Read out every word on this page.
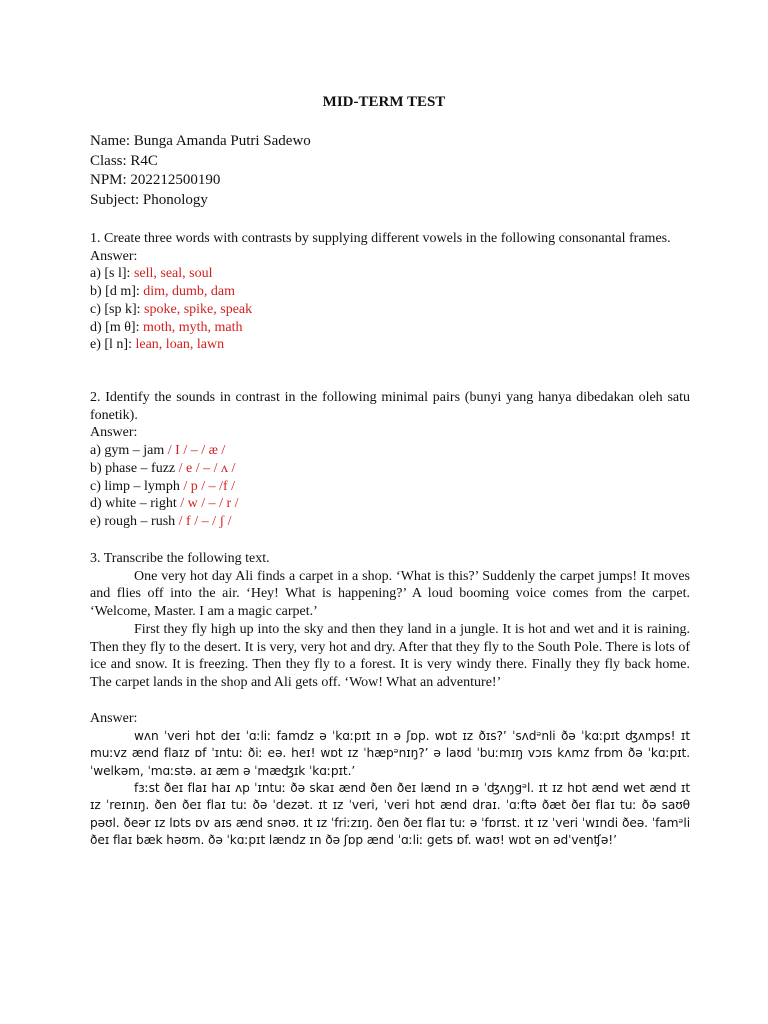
MID-TERM TEST
Name: Bunga Amanda Putri Sadewo
Class: R4C
NPM: 202212500190
Subject: Phonology
1. Create three words with contrasts by supplying different vowels in the following consonantal frames.
Answer:
a) [s l]: sell, seal, soul
b) [d m]: dim, dumb, dam
c) [sp k]: spoke, spike, speak
d) [m θ]: moth, myth, math
e) [l n]: lean, loan, lawn
2. Identify the sounds in contrast in the following minimal pairs (bunyi yang hanya dibedakan oleh satu fonetik).
Answer:
a) gym – jam / I / – / æ /
b) phase – fuzz / e / – / ʌ /
c) limp – lymph / p / – /f /
d) white – right / w / – / r /
e) rough – rush / f / – / ʃ /
3. Transcribe the following text.
One very hot day Ali finds a carpet in a shop. ‘What is this?’ Suddenly the carpet jumps! It moves and flies off into the air. ‘Hey! What is happening?’ A loud booming voice comes from the carpet. ‘Welcome, Master. I am a magic carpet.’
First they fly high up into the sky and then they land in a jungle. It is hot and wet and it is raining. Then they fly to the desert. It is very, very hot and dry. After that they fly to the South Pole. There is lots of ice and snow. It is freezing. Then they fly to a forest. It is very windy there. Finally they fly back home. The carpet lands in the shop and Ali gets off. ‘Wow! What an adventure!’
Answer:
wʌn ˈveri hɒt deɪ ˈɑːliː famdz ə ˈkɑːpɪt ɪn ə ʃɒp. wɒt ɪz ðɪs?’ ˈsʌdᵊnli ðə ˈkɑːpɪt ʤʌmps! ɪt muːvz ænd flaɪz ɒf ˈɪntuː ðiː eə. heɪ! wɒt ɪz ˈhæpᵊnɪŋ?’ ə laʊd ˈbuːmɪŋ vɔɪs kʌmz frɒm ðə ˈkɑːpɪt. ˈwelkəm, ˈmɑːstə. aɪ æm ə ˈmæʤɪk ˈkɑːpɪt.’
fɜːst ðeɪ flaɪ haɪ ʌp ˈɪntuː ðə skaɪ ænd ðen ðeɪ lænd ɪn ə ˈʤʌŋgᵊl. ɪt ɪz hɒt ænd wet ænd ɪt ɪz ˈreɪnɪŋ. ðen ðeɪ flaɪ tuː ðə ˈdezət. ɪt ɪz ˈveri, ˈveri hɒt ænd draɪ. ˈɑːftə ðæt ðeɪ flaɪ tuː ðə saʊθ pəʊl. ðeər ɪz lɒts ɒv aɪs ænd snəʊ. ɪt ɪz ˈfriːzɪŋ. ðen ðeɪ flaɪ tuː ə ˈfɒrɪst. ɪt ɪz ˈveri ˈwɪndi ðeə. ˈfamᵊli ðeɪ flaɪ bæk həʊm. ðə ˈkɑːpɪt lændz ɪn ðə ʃɒp ænd ˈɑːliː gets ɒf. waʊ! wɒt ən ədˈvenʧə!’
